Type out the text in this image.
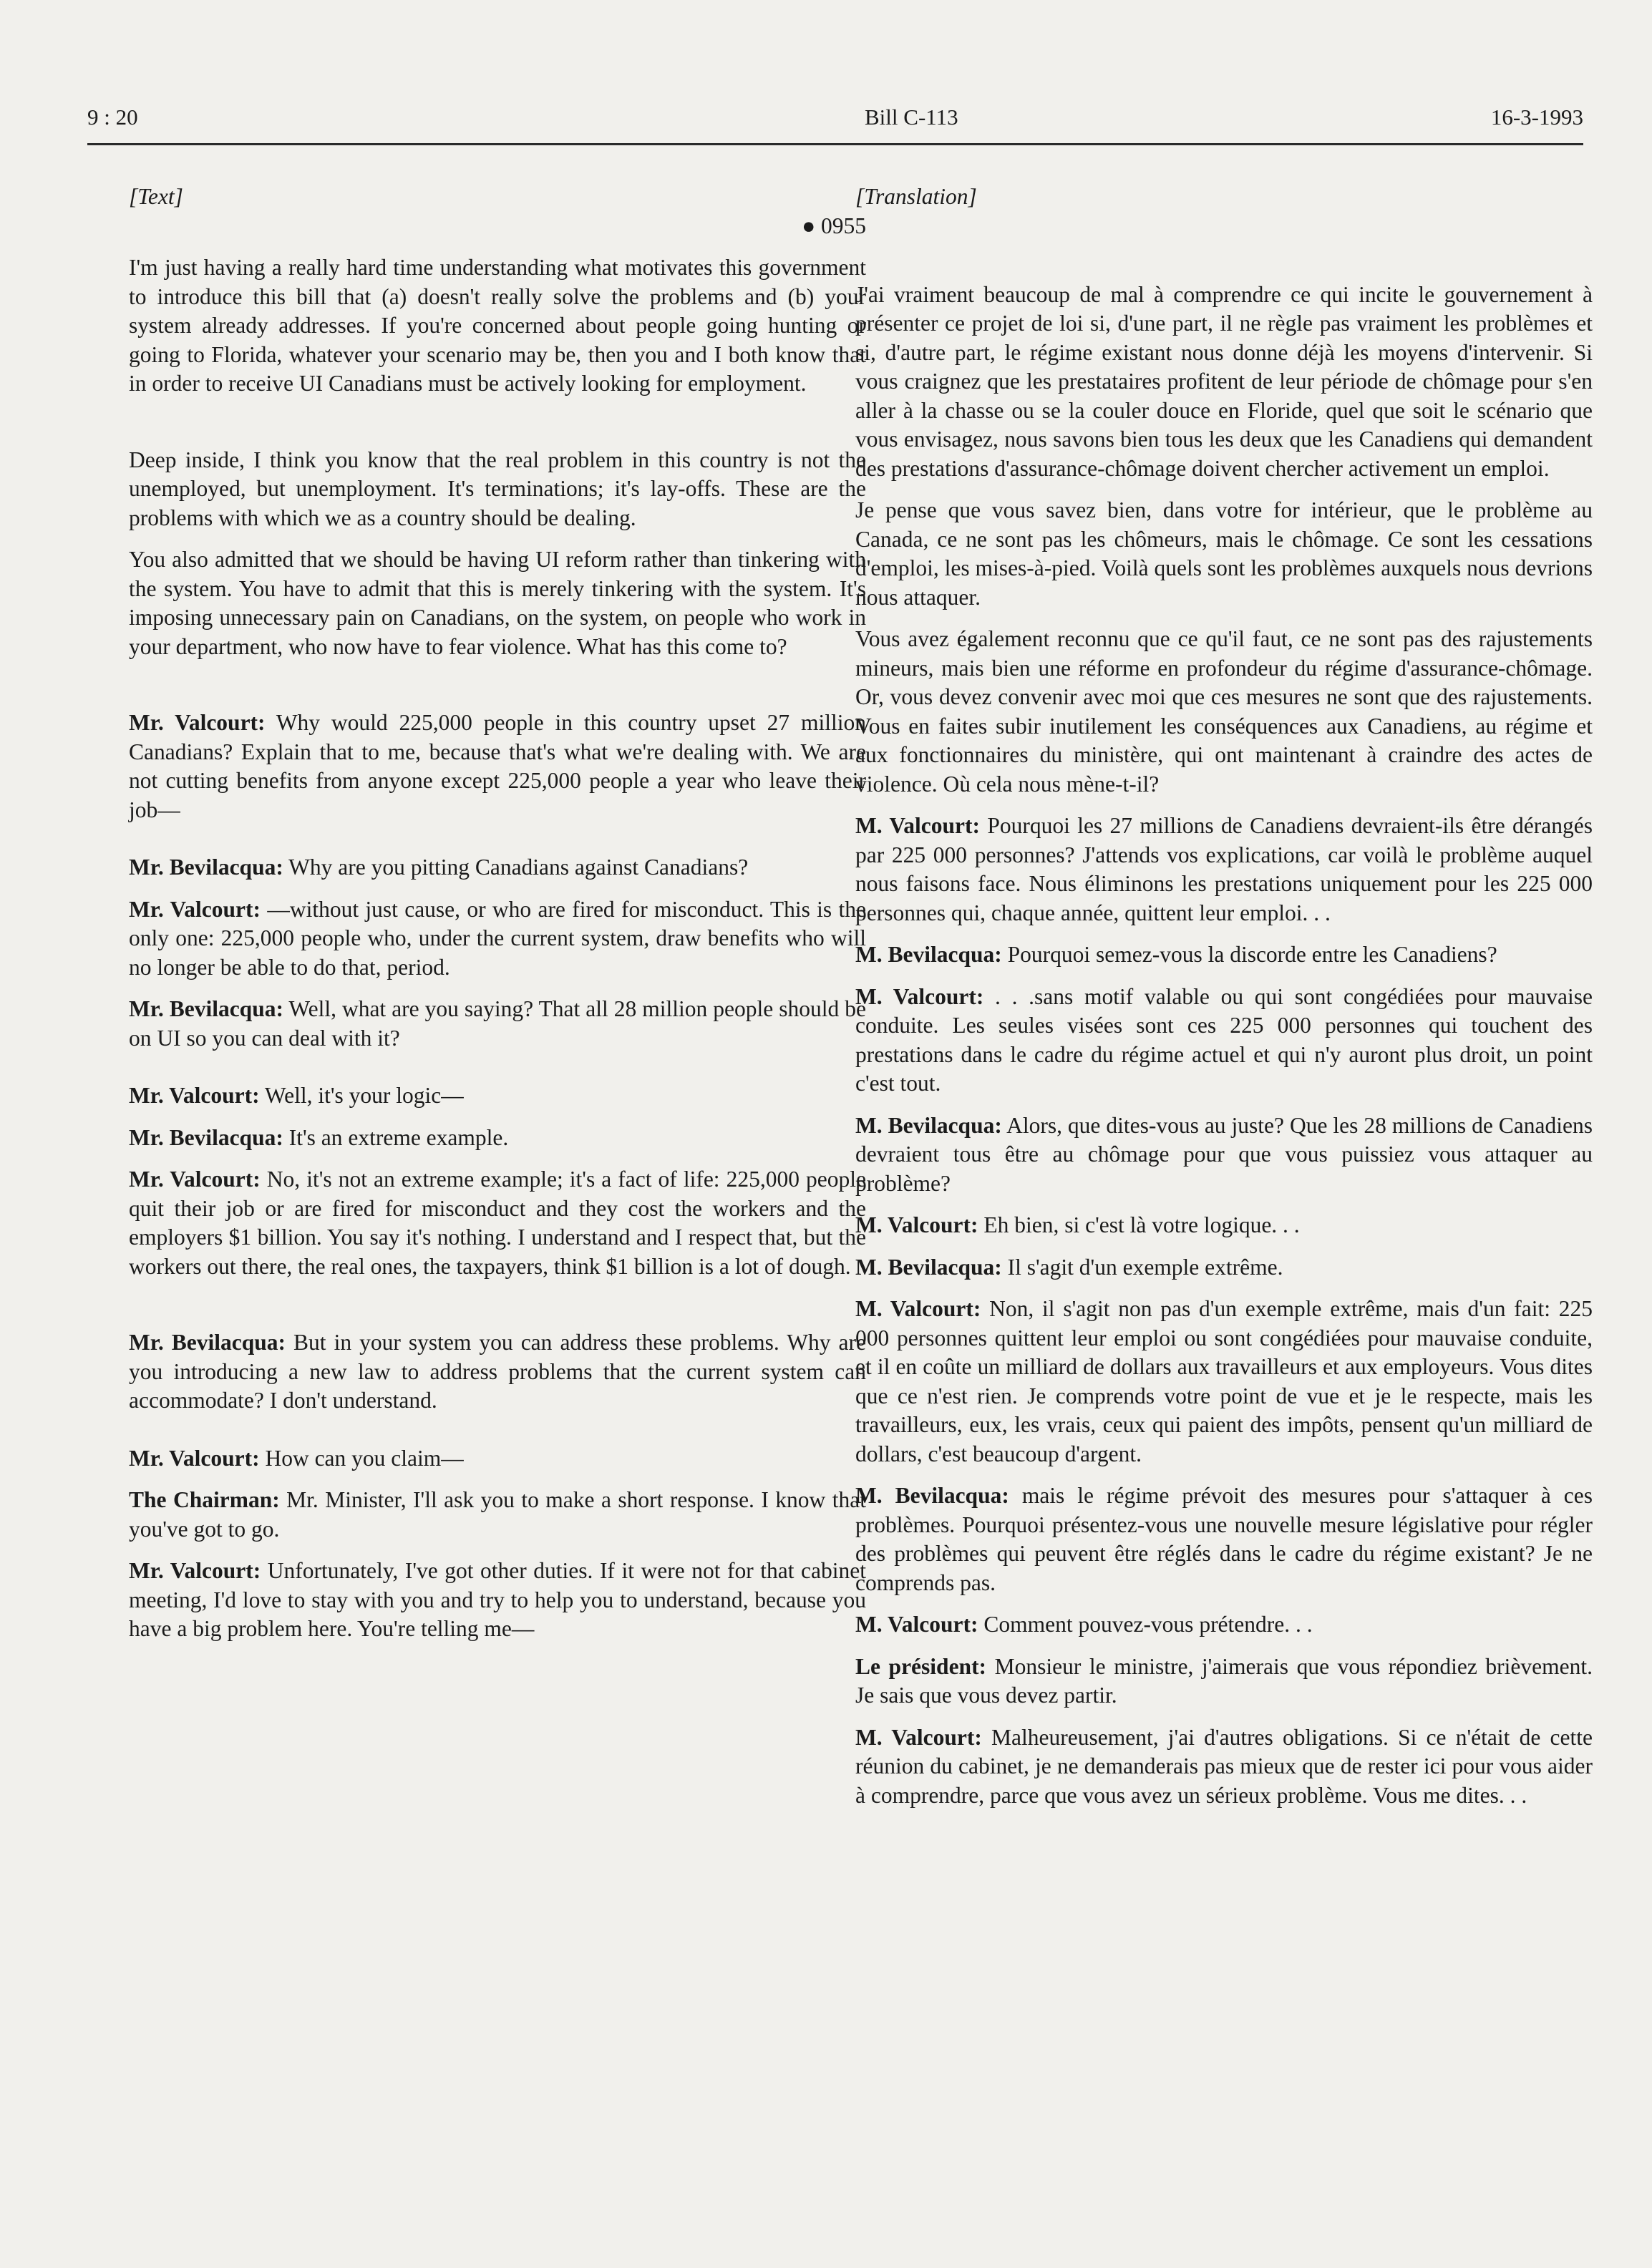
9 : 20	Bill C-113	16-3-1993

[Text]

● 0955

I'm just having a really hard time understanding what motivates this government to introduce this bill that (a) doesn't really solve the problems and (b) your system already addresses. If you're concerned about people going hunting or going to Florida, whatever your scenario may be, then you and I both know that in order to receive UI Canadians must be actively looking for employment.

Deep inside, I think you know that the real problem in this country is not the unemployed, but unemployment. It's terminations; it's lay-offs. These are the problems with which we as a country should be dealing.

You also admitted that we should be having UI reform rather than tinkering with the system. You have to admit that this is merely tinkering with the system. It's imposing unnecessary pain on Canadians, on the system, on people who work in your department, who now have to fear violence. What has this come to?

Mr. Valcourt: Why would 225,000 people in this country upset 27 million Canadians? Explain that to me, because that's what we're dealing with. We are not cutting benefits from anyone except 225,000 people a year who leave their job—

Mr. Bevilacqua: Why are you pitting Canadians against Canadians?

Mr. Valcourt: —without just cause, or who are fired for misconduct. This is the only one: 225,000 people who, under the current system, draw benefits who will no longer be able to do that, period.

Mr. Bevilacqua: Well, what are you saying? That all 28 million people should be on UI so you can deal with it?

Mr. Valcourt: Well, it's your logic—

Mr. Bevilacqua: It's an extreme example.

Mr. Valcourt: No, it's not an extreme example; it's a fact of life: 225,000 people quit their job or are fired for misconduct and they cost the workers and the employers $1 billion. You say it's nothing. I understand and I respect that, but the workers out there, the real ones, the taxpayers, think $1 billion is a lot of dough.

Mr. Bevilacqua: But in your system you can address these problems. Why are you introducing a new law to address problems that the current system can accommodate? I don't understand.

Mr. Valcourt: How can you claim—

The Chairman: Mr. Minister, I'll ask you to make a short response. I know that you've got to go.

Mr. Valcourt: Unfortunately, I've got other duties. If it were not for that cabinet meeting, I'd love to stay with you and try to help you to understand, because you have a big problem here. You're telling me—

[Translation]

J'ai vraiment beaucoup de mal à comprendre ce qui incite le gouvernement à présenter ce projet de loi si, d'une part, il ne règle pas vraiment les problèmes et si, d'autre part, le régime existant nous donne déjà les moyens d'intervenir. Si vous craignez que les prestataires profitent de leur période de chômage pour s'en aller à la chasse ou se la couler douce en Floride, quel que soit le scénario que vous envisagez, nous savons bien tous les deux que les Canadiens qui demandent des prestations d'assurance-chômage doivent chercher activement un emploi.

Je pense que vous savez bien, dans votre for intérieur, que le problème au Canada, ce ne sont pas les chômeurs, mais le chômage. Ce sont les cessations d'emploi, les mises-à-pied. Voilà quels sont les problèmes auxquels nous devrions nous attaquer.

Vous avez également reconnu que ce qu'il faut, ce ne sont pas des rajustements mineurs, mais bien une réforme en profondeur du régime d'assurance-chômage. Or, vous devez convenir avec moi que ces mesures ne sont que des rajustements. Vous en faites subir inutilement les conséquences aux Canadiens, au régime et aux fonctionnaires du ministère, qui ont maintenant à craindre des actes de violence. Où cela nous mène-t-il?

M. Valcourt: Pourquoi les 27 millions de Canadiens devraient-ils être dérangés par 225 000 personnes? J'attends vos explications, car voilà le problème auquel nous faisons face. Nous éliminons les prestations uniquement pour les 225 000 personnes qui, chaque année, quittent leur emploi. . .

M. Bevilacqua: Pourquoi semez-vous la discorde entre les Canadiens?

M. Valcourt: . . .sans motif valable ou qui sont congédiées pour mauvaise conduite. Les seules visées sont ces 225 000 personnes qui touchent des prestations dans le cadre du régime actuel et qui n'y auront plus droit, un point c'est tout.

M. Bevilacqua: Alors, que dites-vous au juste? Que les 28 millions de Canadiens devraient tous être au chômage pour que vous puissiez vous attaquer au problème?

M. Valcourt: Eh bien, si c'est là votre logique. . .

M. Bevilacqua: Il s'agit d'un exemple extrême.

M. Valcourt: Non, il s'agit non pas d'un exemple extrême, mais d'un fait: 225 000 personnes quittent leur emploi ou sont congédiées pour mauvaise conduite, et il en coûte un milliard de dollars aux travailleurs et aux employeurs. Vous dites que ce n'est rien. Je comprends votre point de vue et je le respecte, mais les travailleurs, eux, les vrais, ceux qui paient des impôts, pensent qu'un milliard de dollars, c'est beaucoup d'argent.

M. Bevilacqua: mais le régime prévoit des mesures pour s'attaquer à ces problèmes. Pourquoi présentez-vous une nouvelle mesure législative pour régler des problèmes qui peuvent être réglés dans le cadre du régime existant? Je ne comprends pas.

M. Valcourt: Comment pouvez-vous prétendre. . .

Le président: Monsieur le ministre, j'aimerais que vous répondiez brièvement. Je sais que vous devez partir.

M. Valcourt: Malheureusement, j'ai d'autres obligations. Si ce n'était de cette réunion du cabinet, je ne demanderais pas mieux que de rester ici pour vous aider à comprendre, parce que vous avez un sérieux problème. Vous me dites. . .
